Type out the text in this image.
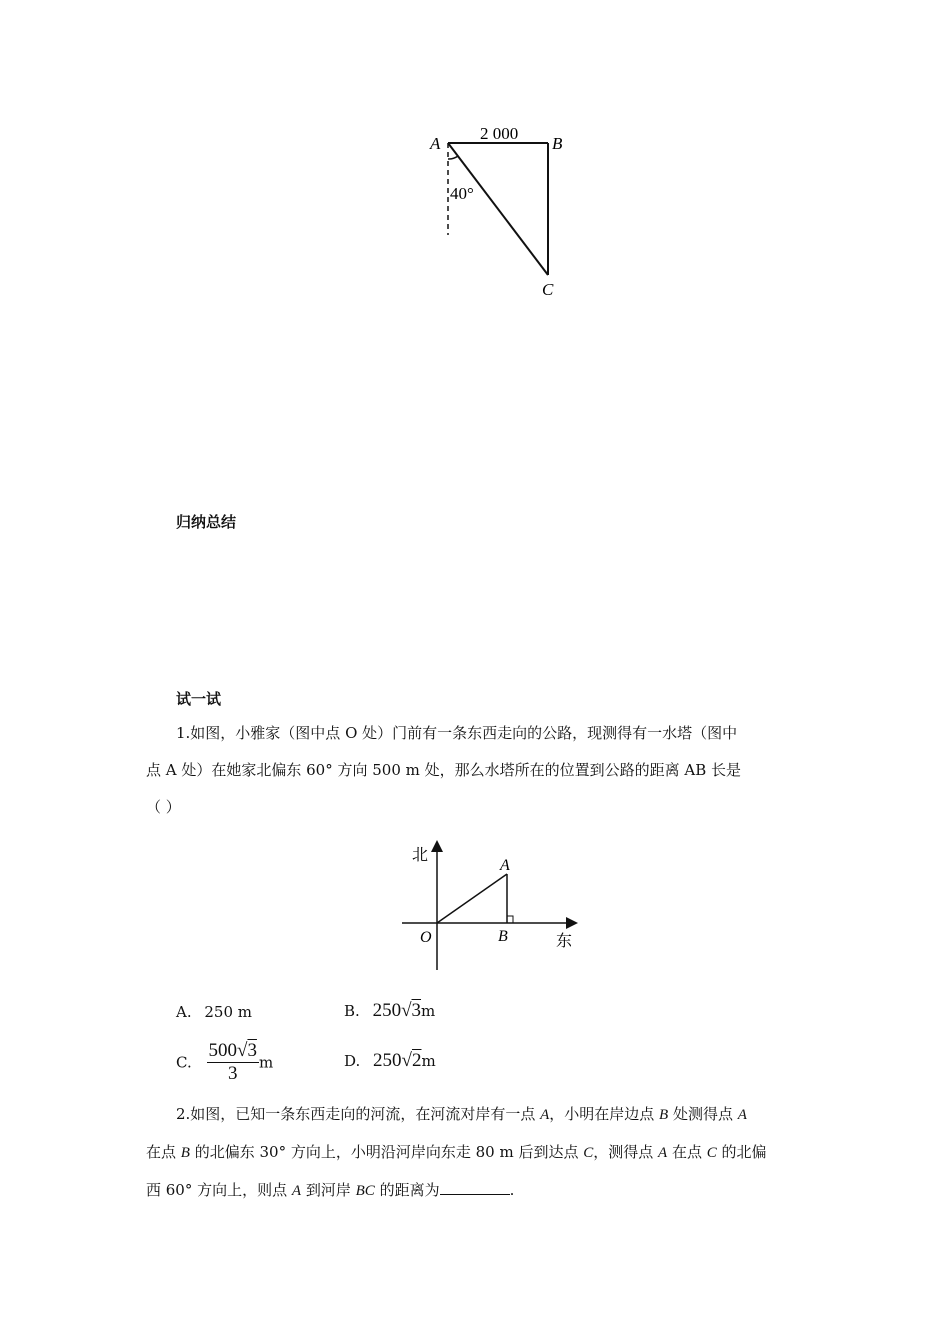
A	B
C
2 000
40°
归纳总结
试一试
1.如图，小雅家（图中点 O 处）门前有一条东西走向的公路，现测得有一水塔（图中
点 A 处）在她家北偏东 60° 方向 500 m 处，那么水塔所在的位置到公路的距离 AB 长是
（ ）
北
东
O
A
B
A. 250 m	B. 250√3m
C. $\frac{500√3}{3}$ m	D. 250√2m
2.如图，已知一条东西走向的河流，在河流对岸有一点 A，小明在岸边点 B 处测得点 A
在点 B 的北偏东 30° 方向上，小明沿河岸向东走 80 m 后到达点 C，测得点 A 在点 C 的北偏
西 60° 方向上，则点 A 到河岸 BC 的距离为	.
